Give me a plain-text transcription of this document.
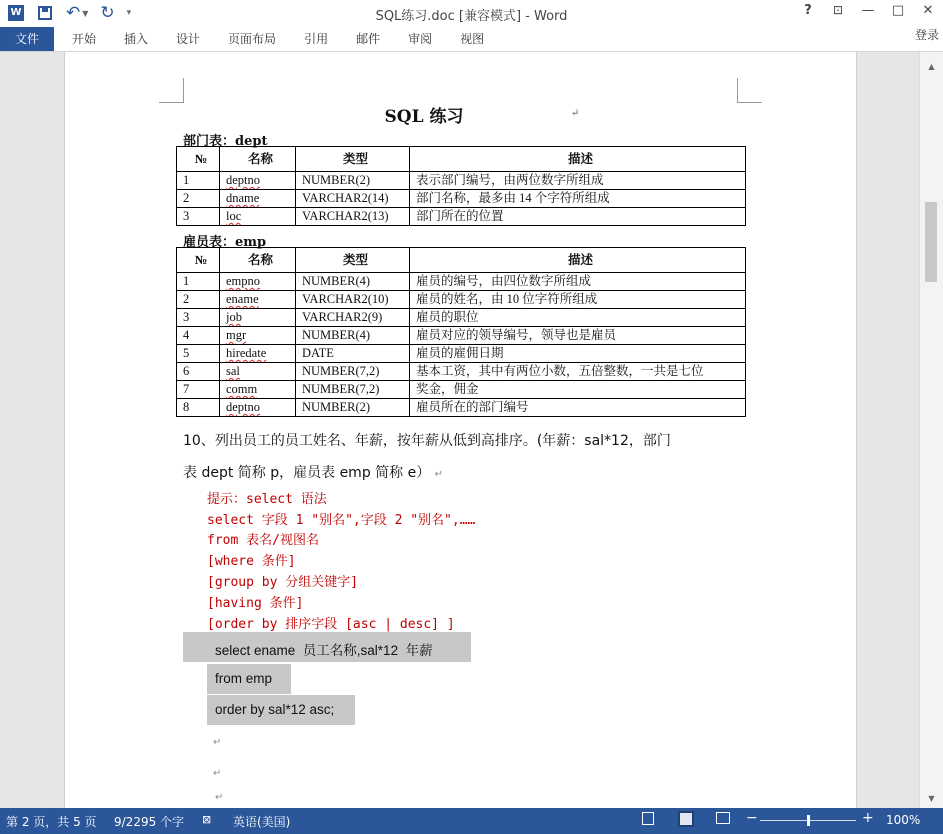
W	↶ ▼ ↻ ▾	SQL练习.doc [兼容模式] - Word	?	⊡	—	□	✕
文件	开始 插入 设计 页面布局 引用 邮件 审阅 视图	登录
SQL 练习	↵
部门表：dept
№	名称	类型	描述
1	deptno	NUMBER(2)	表示部门编号，由两位数字所组成
2	dname	VARCHAR2(14)	部门名称，最多由 14 个字符所组成
3	loc	VARCHAR2(13)	部门所在的位置
雇员表：emp
№	名称	类型	描述
1	empno	NUMBER(4)	雇员的编号，由四位数字所组成
2	ename	VARCHAR2(10)	雇员的姓名，由 10 位字符所组成
3	job	VARCHAR2(9)	雇员的职位
4	mgr	NUMBER(4)	雇员对应的领导编号，领导也是雇员
5	hiredate	DATE	雇员的雇佣日期
6	sal	NUMBER(7,2)	基本工资，其中有两位小数，五倍整数，一共是七位
7	comm	NUMBER(7,2)	奖金，佣金
8	deptno	NUMBER(2)	雇员所在的部门编号
10、列出员工的员工姓名、年薪，按年薪从低到高排序。(年薪：sal*12，部门
表 dept 简称 p，雇员表 emp 简称 e） ↵
提示：select 语法
select 字段 1 "别名",字段 2 "别名",……
from 表名/视图名
[where 条件]
[group by 分组关键字]
[having 条件]
[order by 排序字段 [asc | desc] ]
select ename  员工名称,sal*12  年薪
from emp
order by sal*12 asc;
↵
↵
↵
▲
▼
第 2 页，共 5 页 9/2295 个字 ⊠ 英语(美国)	−	+ 100%
